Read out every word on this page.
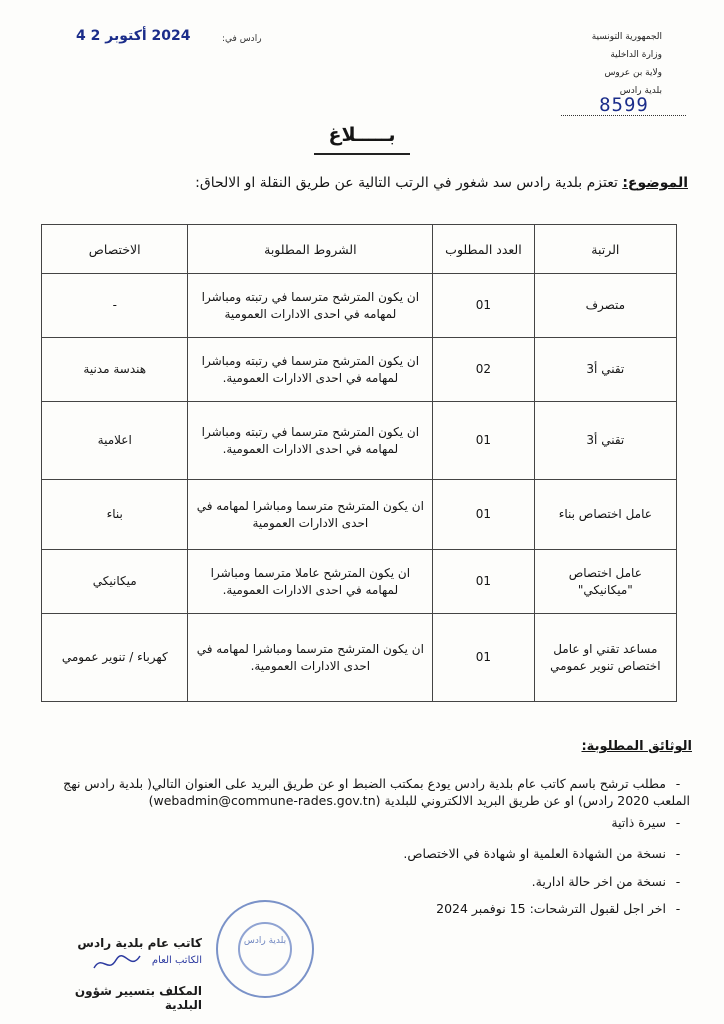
2024 أكتوبر 2 4	رادس في:	الجمهورية التونسية
وزارة الداخلية
ولاية بن عروس
بلدية رادس
8599
بـــــلاغ
الموضوع: تعتزم بلدية رادس سد شغور في الرتب التالية عن طريق النقلة او الالحاق:
الرتبة	العدد المطلوب	الشروط المطلوبة	الاختصاص
متصرف	01	ان يكون المترشح مترسما في رتبته ومباشرا لمهامه في احدى الادارات العمومية	-
تقني أ3	02	ان يكون المترشح مترسما في رتبته ومباشرا لمهامه في احدى الادارات العمومية.	هندسة مدنية
تقني أ3	01	ان يكون المترشح مترسما في رتبته ومباشرا لمهامه في احدى الادارات العمومية.	اعلامية
عامل اختصاص بناء	01	ان يكون المترشح مترسما ومباشرا لمهامه في احدى الادارات العمومية	بناء
عامل اختصاص "ميكانيكي"	01	ان يكون المترشح عاملا مترسما ومباشرا لمهامه في احدى الادارات العمومية.	ميكانيكي
مساعد تقني او عامل اختصاص تنوير عمومي	01	ان يكون المترشح مترسما ومباشرا لمهامه في احدى الادارات العمومية.	كهرباء / تنوير عمومي
الوثائق المطلوبة:
-مطلب ترشح باسم كاتب عام بلدية رادس يودع بمكتب الضبط او عن طريق البريد على العنوان التالي( بلدية رادس نهج الملعب 2020 رادس) او عن طريق البريد الالكتروني للبلدية (webadmin@commune-rades.gov.tn)
-سيرة ذاتية
-نسخة من الشهادة العلمية او شهادة في الاختصاص.
-نسخة من اخر حالة ادارية.
-اخر اجل لقبول الترشحات: 15 نوفمبر 2024
بلدية رادس
كاتب عام بلدية رادس
الكاتب العام
المكلف بتسيير شؤون البلدية
